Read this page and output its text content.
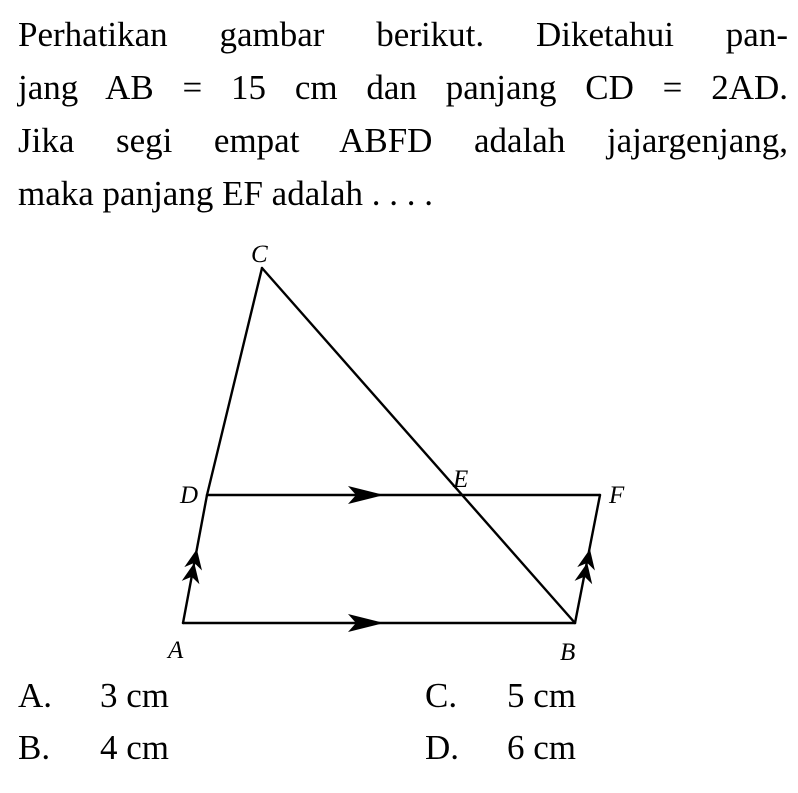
Perhatikan gambar berikut. Diketahui pan-
jang AB = 15 cm dan panjang CD = 2AD.
Jika segi empat ABFD adalah jajargenjang,
maka panjang EF adalah . . . .
C
D
E
F
A	B
A. 3 cm
B. 4 cm
C. 5 cm
D. 6 cm
